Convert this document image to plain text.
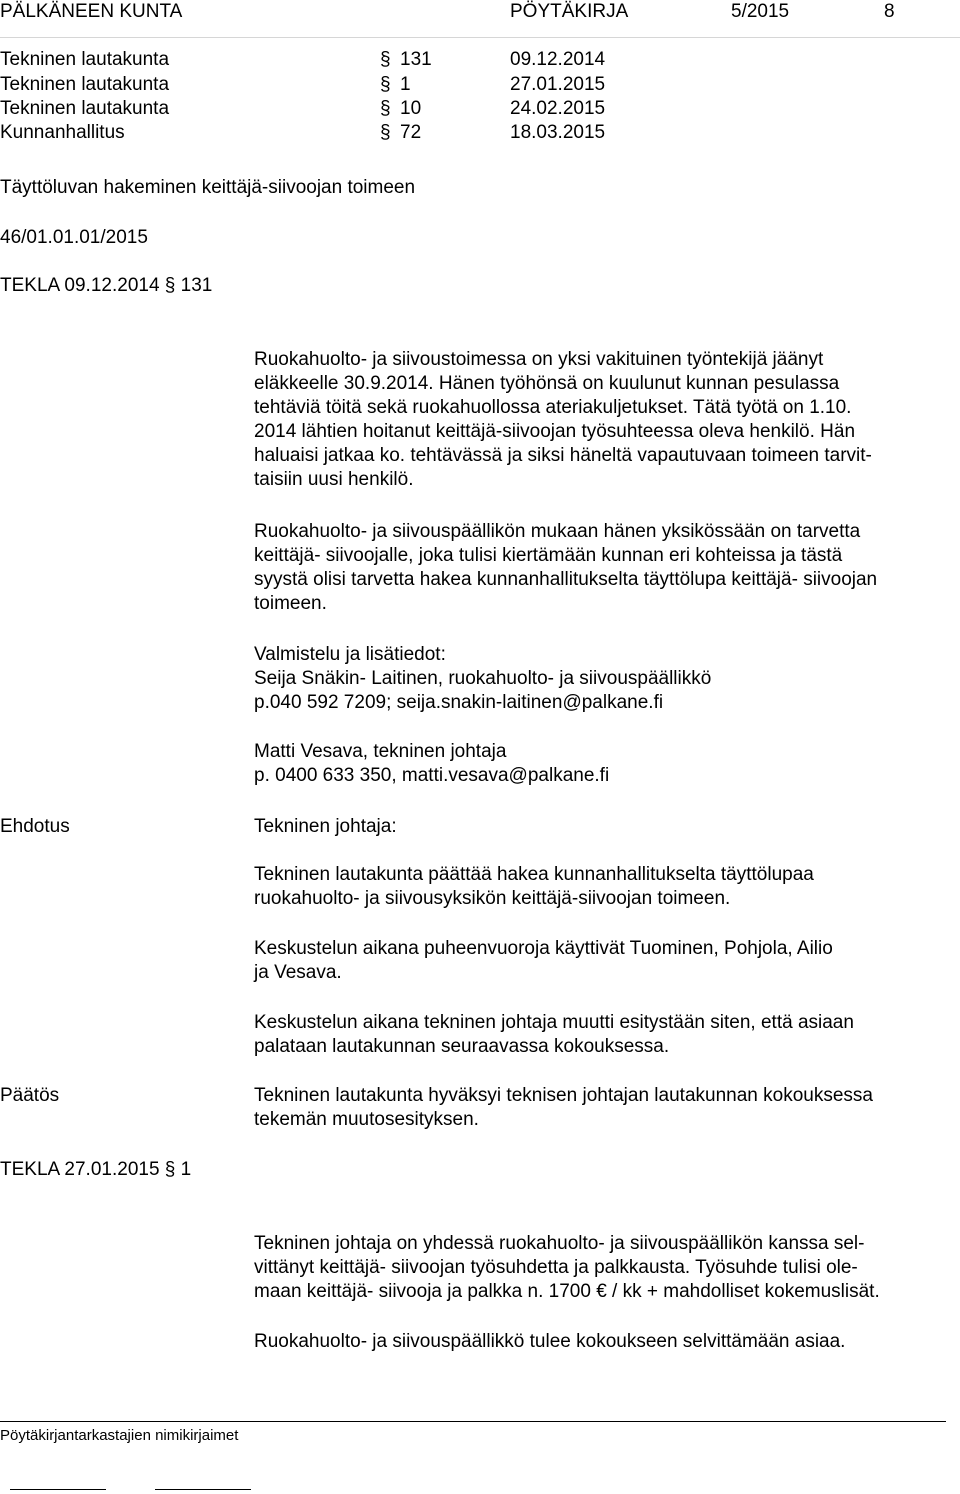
PÄLKÄNEEN KUNTA	PÖYTÄKIRJA	5/2015	8
Tekninen lautakunta	131	09.12.2014
§
Tekninen lautakunta	1	27.01.2015
§
Tekninen lautakunta	10	24.02.2015
§
Kunnanhallitus	72	18.03.2015
§
Täyttöluvan hakeminen keittäjä-siivoojan toimeen
46/01.01.01/2015
TEKLA 09.12.2014 § 131

Ruokahuolto- ja siivoustoimessa on yksi vakituinen työntekijä jäänyt

eläkkeelle 30.9.2014. Hänen työhönsä on kuulunut kunnan pesulassa

tehtäviä töitä sekä ruokahuollossa ateriakuljetukset. Tätä työtä on 1.10.

2014 lähtien hoitanut keittäjä-siivoojan työsuhteessa oleva henkilö. Hän

haluaisi jatkaa ko. tehtävässä ja siksi häneltä vapautuvaan toimeen tarvit-

taisiin uusi henkilö.

Ruokahuolto- ja siivouspäällikön mukaan hänen yksikössään on tarvetta

keittäjä- siivoojalle, joka tulisi kiertämään kunnan eri kohteissa ja tästä

syystä olisi tarvetta hakea kunnanhallitukselta täyttölupa keittäjä- siivoojan

toimeen.

Valmistelu ja lisätiedot:

Seija Snäkin- Laitinen, ruokahuolto- ja siivouspäällikkö

p.040 592 7209; seija.snakin-laitinen@palkane.fi

Matti Vesava, tekninen johtaja

p. 0400 633 350, matti.vesava@palkane.fi

Ehdotus	Tekninen johtaja:

Tekninen lautakunta päättää hakea kunnanhallitukselta täyttölupaa

ruokahuolto- ja siivousyksikön keittäjä-siivoojan toimeen.

Keskustelun aikana puheenvuoroja käyttivät Tuominen, Pohjola, Ailio

ja Vesava.

Keskustelun aikana tekninen johtaja muutti esitystään siten, että asiaan

palataan lautakunnan seuraavassa kokouksessa.

Päätös	Tekninen lautakunta hyväksyi teknisen johtajan lautakunnan kokouksessa

tekemän muutosesityksen.

TEKLA 27.01.2015 § 1

Tekninen johtaja on yhdessä ruokahuolto- ja siivouspäällikön kanssa sel-

vittänyt keittäjä- siivoojan työsuhdetta ja palkkausta. Työsuhde tulisi ole-

maan keittäjä- siivooja ja palkka n. 1700 € / kk + mahdolliset kokemuslisät.

Ruokahuolto- ja siivouspäällikkö tulee kokoukseen selvittämään asiaa.

Pöytäkirjantarkastajien nimikirjaimet
